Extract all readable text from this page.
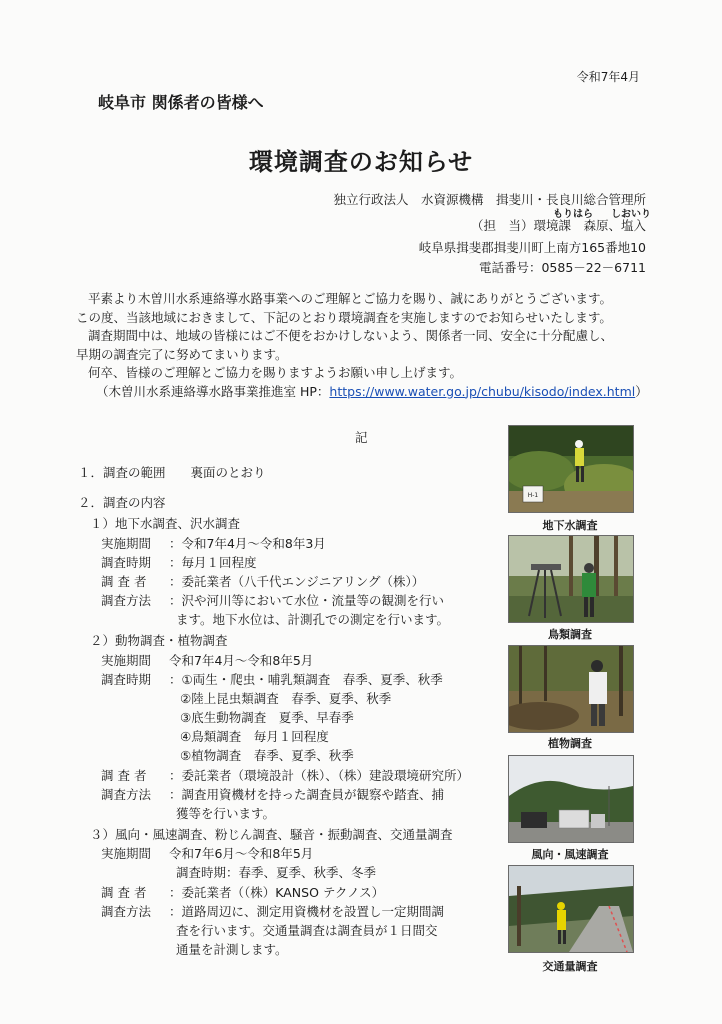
令和7年4月
岐阜市 関係者の皆様へ
環境調査のお知らせ
独立行政法人　水資源機構　揖斐川・長良川総合管理所
もりはら しおいり
（担　当）環境課　森原、塩入
岐阜県揖斐郡揖斐川町上南方165番地10
電話番号：0585－22－6711

平素より木曽川水系連絡導水路事業へのご理解とご協力を賜り、誠にありがとうございます。

この度、当該地域におきまして、下記のとおり環境調査を実施しますのでお知らせいたします。

調査期間中は、地域の皆様にはご不便をおかけしないよう、関係者一同、安全に十分配慮し、

早期の調査完了に努めてまいります。

何卒、皆様のご理解とご協力を賜りますようお願い申し上げます。

（木曽川水系連絡導水路事業推進室 HP：https://www.water.go.jp/chubu/kisodo/index.html）

記
１．調査の範囲　　裏面のとおり
２．調査の内容
１）地下水調査、沢水調査
実施期間 ：令和7年4月～令和8年3月
調査時期 ：毎月１回程度
調 査 者 ：委託業者（八千代エンジニアリング（株））
調査方法 ：沢や河川等において水位・流量等の観測を行い
ます。地下水位は、計測孔での測定を行います。
２）動物調査・植物調査
実施期間 令和7年4月～令和8年5月
調査時期 ：①両生・爬虫・哺乳類調査　春季、夏季、秋季
②陸上昆虫類調査　春季、夏季、秋季
③底生動物調査　夏季、早春季
④鳥類調査　毎月１回程度
⑤植物調査　春季、夏季、秋季
調 査 者 ：委託業者（環境設計（株）、（株）建設環境研究所）
調査方法 ：調査用資機材を持った調査員が観察や踏査、捕
獲等を行います。
３）風向・風速調査、粉じん調査、騒音・振動調査、交通量調査
実施期間 令和7年6月～令和8年5月
調査時期：春季、夏季、秋季、冬季
調 査 者 ：委託業者（（株）KANSO テクノス）
調査方法 ：道路周辺に、測定用資機材を設置し一定期間調
査を行います。交通量調査は調査員が１日間交
通量を計測します。
H-1
地下水調査
鳥類調査
植物調査
風向・風速調査
交通量調査
